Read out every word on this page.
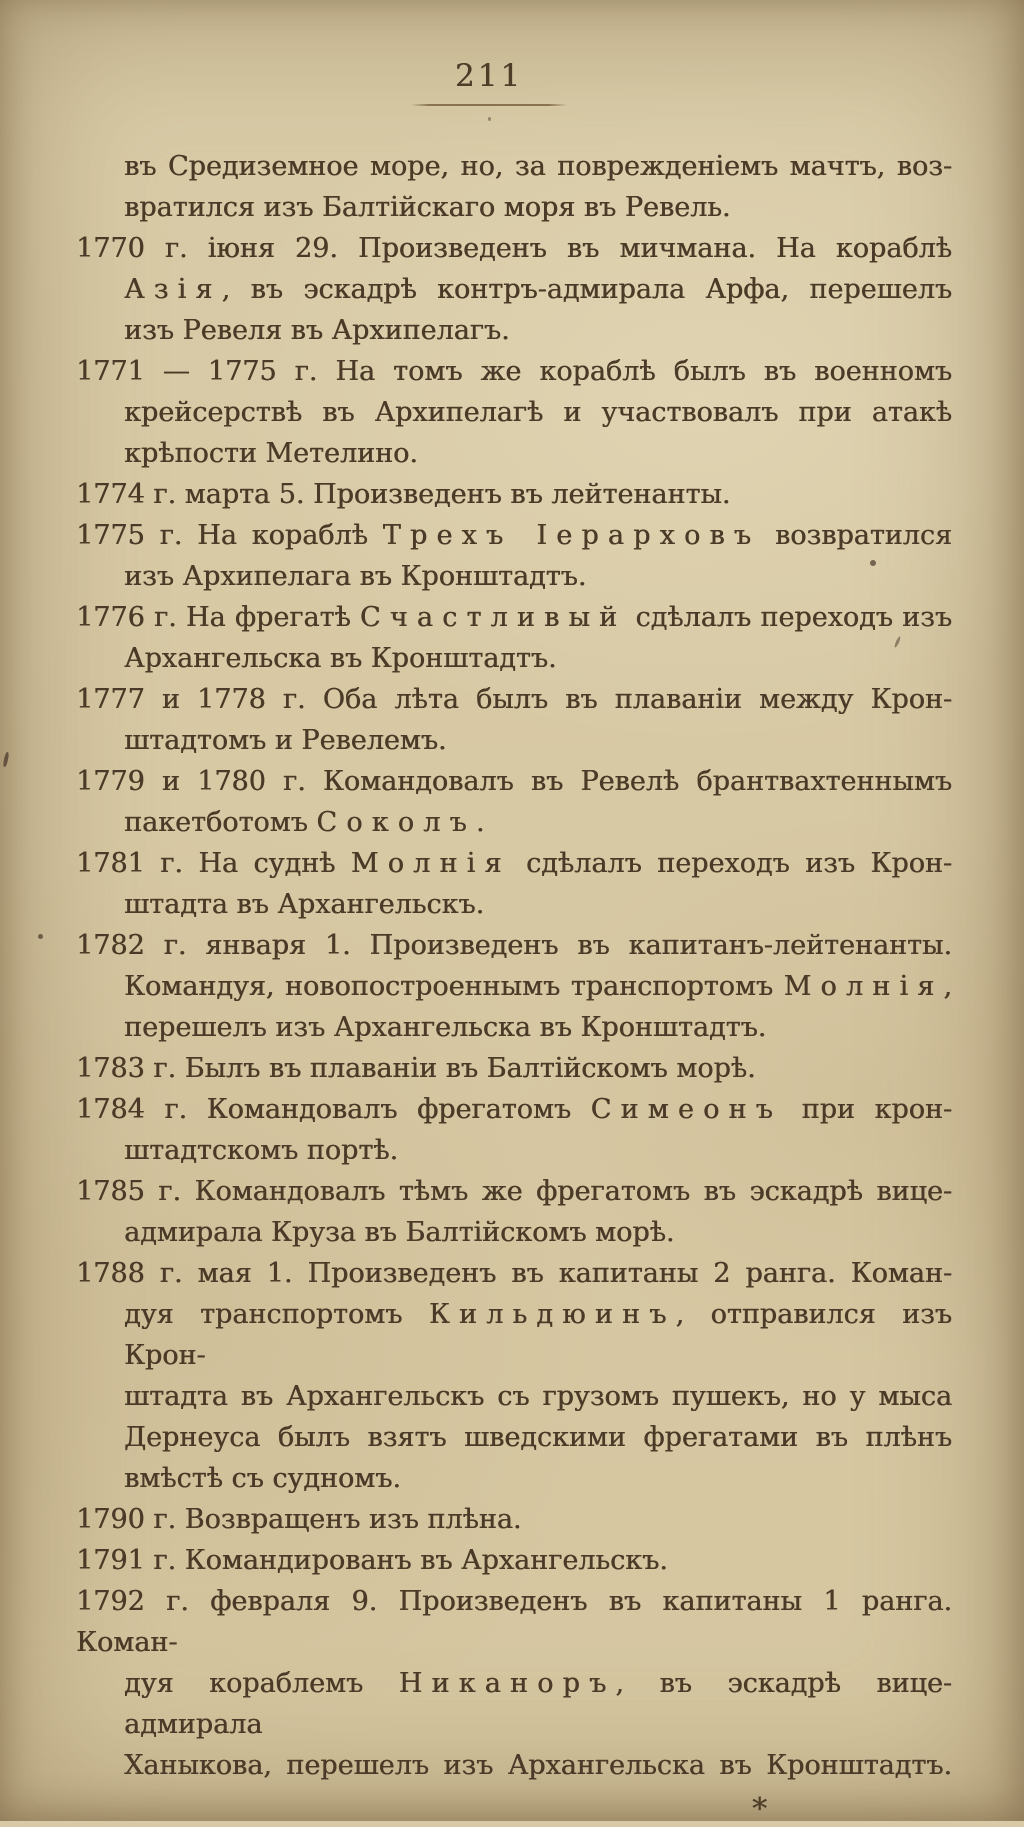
211
въ Средиземное море, но, за поврежденіемъ мачтъ, воз-
вратился изъ Балтійскаго моря въ Ревель.
1770 г. іюня 29. Произведенъ въ мичмана. На кораблѣ
Азія, въ эскадрѣ контръ-адмирала Арфа, перешелъ
изъ Ревеля въ Архипелагъ.
1771 — 1775 г. На томъ же кораблѣ былъ въ военномъ
крейсерствѣ въ Архипелагѣ и участвовалъ при атакѣ
крѣпости Метелино.
1774 г. марта 5. Произведенъ въ лейтенанты.
1775 г. На кораблѣ Трехъ Іерарховъ возвратился
изъ Архипелага въ Кронштадтъ.
1776 г. На фрегатѣ Счастливый сдѣлалъ переходъ изъ
Архангельска въ Кронштадтъ.
1777 и 1778 г. Оба лѣта былъ въ плаваніи между Крон-
штадтомъ и Ревелемъ.
1779 и 1780 г. Командовалъ въ Ревелѣ брантвахтеннымъ
пакетботомъ Соколъ.
1781 г. На суднѣ Молнія сдѣлалъ переходъ изъ Крон-
штадта въ Архангельскъ.
1782 г. января 1. Произведенъ въ капитанъ-лейтенанты.
Командуя, новопостроеннымъ транспортомъ Молнія,
перешелъ изъ Архангельска въ Кронштадтъ.
1783 г. Былъ въ плаваніи въ Балтійскомъ морѣ.
1784 г. Командовалъ фрегатомъ Симеонъ при крон-
штадтскомъ портѣ.
1785 г. Командовалъ тѣмъ же фрегатомъ въ эскадрѣ вице-
адмирала Круза въ Балтійскомъ морѣ.
1788 г. мая 1. Произведенъ въ капитаны 2 ранга. Коман-
дуя транспортомъ Кильдюинъ, отправился изъ Крон-
штадта въ Архангельскъ съ грузомъ пушекъ, но у мыса
Дернеуса былъ взятъ шведскими фрегатами въ плѣнъ
вмѣстѣ съ судномъ.
1790 г. Возвращенъ изъ плѣна.
1791 г. Командированъ въ Архангельскъ.
1792 г. февраля 9. Произведенъ въ капитаны 1 ранга. Коман-
дуя кораблемъ Никаноръ, въ эскадрѣ вице-адмирала
Ханыкова, перешелъ изъ Архангельска въ Кронштадтъ.
*
